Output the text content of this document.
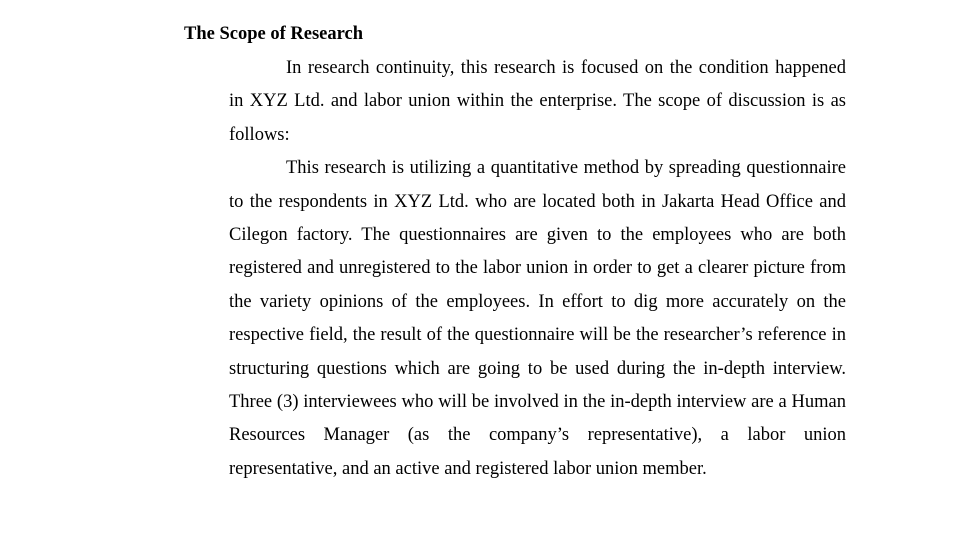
The Scope of Research

In research continuity, this research is focused on the condition happened in XYZ Ltd. and labor union within the enterprise. The scope of discussion is as follows:

This research is utilizing a quantitative method by spreading questionnaire to the respondents in XYZ Ltd. who are located both in Jakarta Head Office and Cilegon factory. The questionnaires are given to the employees who are both registered and unregistered to the labor union in order to get a clearer picture from the variety opinions of the employees. In effort to dig more accurately on the respective field, the result of the questionnaire will be the researcher’s reference in structuring questions which are going to be used during the in-depth interview. Three (3) interviewees who will be involved in the in-depth interview are a Human Resources Manager (as the company’s representative), a labor union representative, and an active and registered labor union member.
